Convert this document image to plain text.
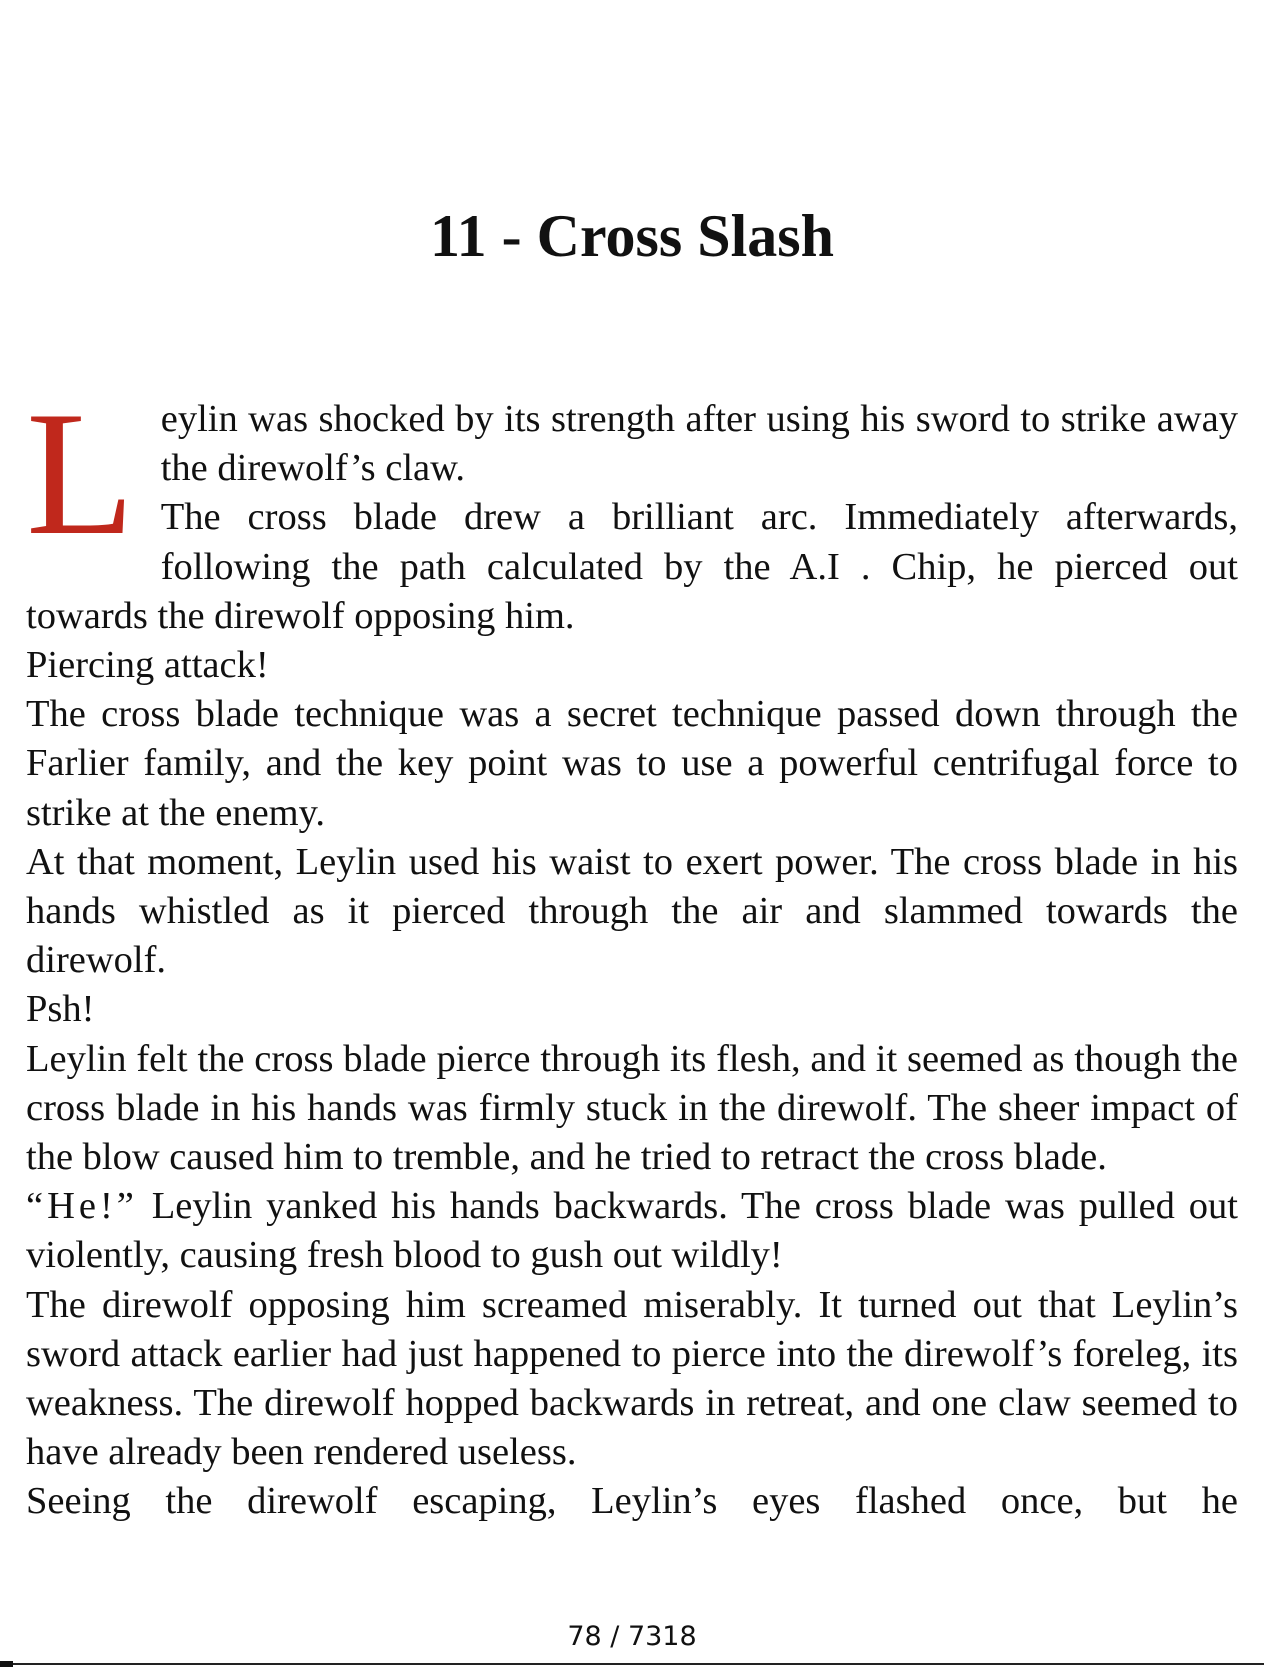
11 - Cross Slash

Leylin was shocked by its strength after using his sword to strike away the direwolf’s claw.

The cross blade drew a brilliant arc. Immediately afterwards, following the path calculated by the A.I . Chip, he pierced out towards the direwolf opposing him.

Piercing attack!

The cross blade technique was a secret technique passed down through the Farlier family, and the key point was to use a powerful centrifugal force to strike at the enemy.

At that moment, Leylin used his waist to exert power. The cross blade in his hands whistled as it pierced through the air and slammed towards the direwolf.

Psh!

Leylin felt the cross blade pierce through its flesh, and it seemed as though the cross blade in his hands was firmly stuck in the direwolf. The sheer impact of the blow caused him to tremble, and he tried to retract the cross blade.

“He!” Leylin yanked his hands backwards. The cross blade was pulled out violently, causing fresh blood to gush out wildly!

The direwolf opposing him screamed miserably. It turned out that Leylin’s sword attack earlier had just happened to pierce into the direwolf’s foreleg, its weakness. The direwolf hopped backwards in retreat, and one claw seemed to have already been rendered useless.

Seeing the direwolf escaping, Leylin’s eyes flashed once, but he

78 / 7318
